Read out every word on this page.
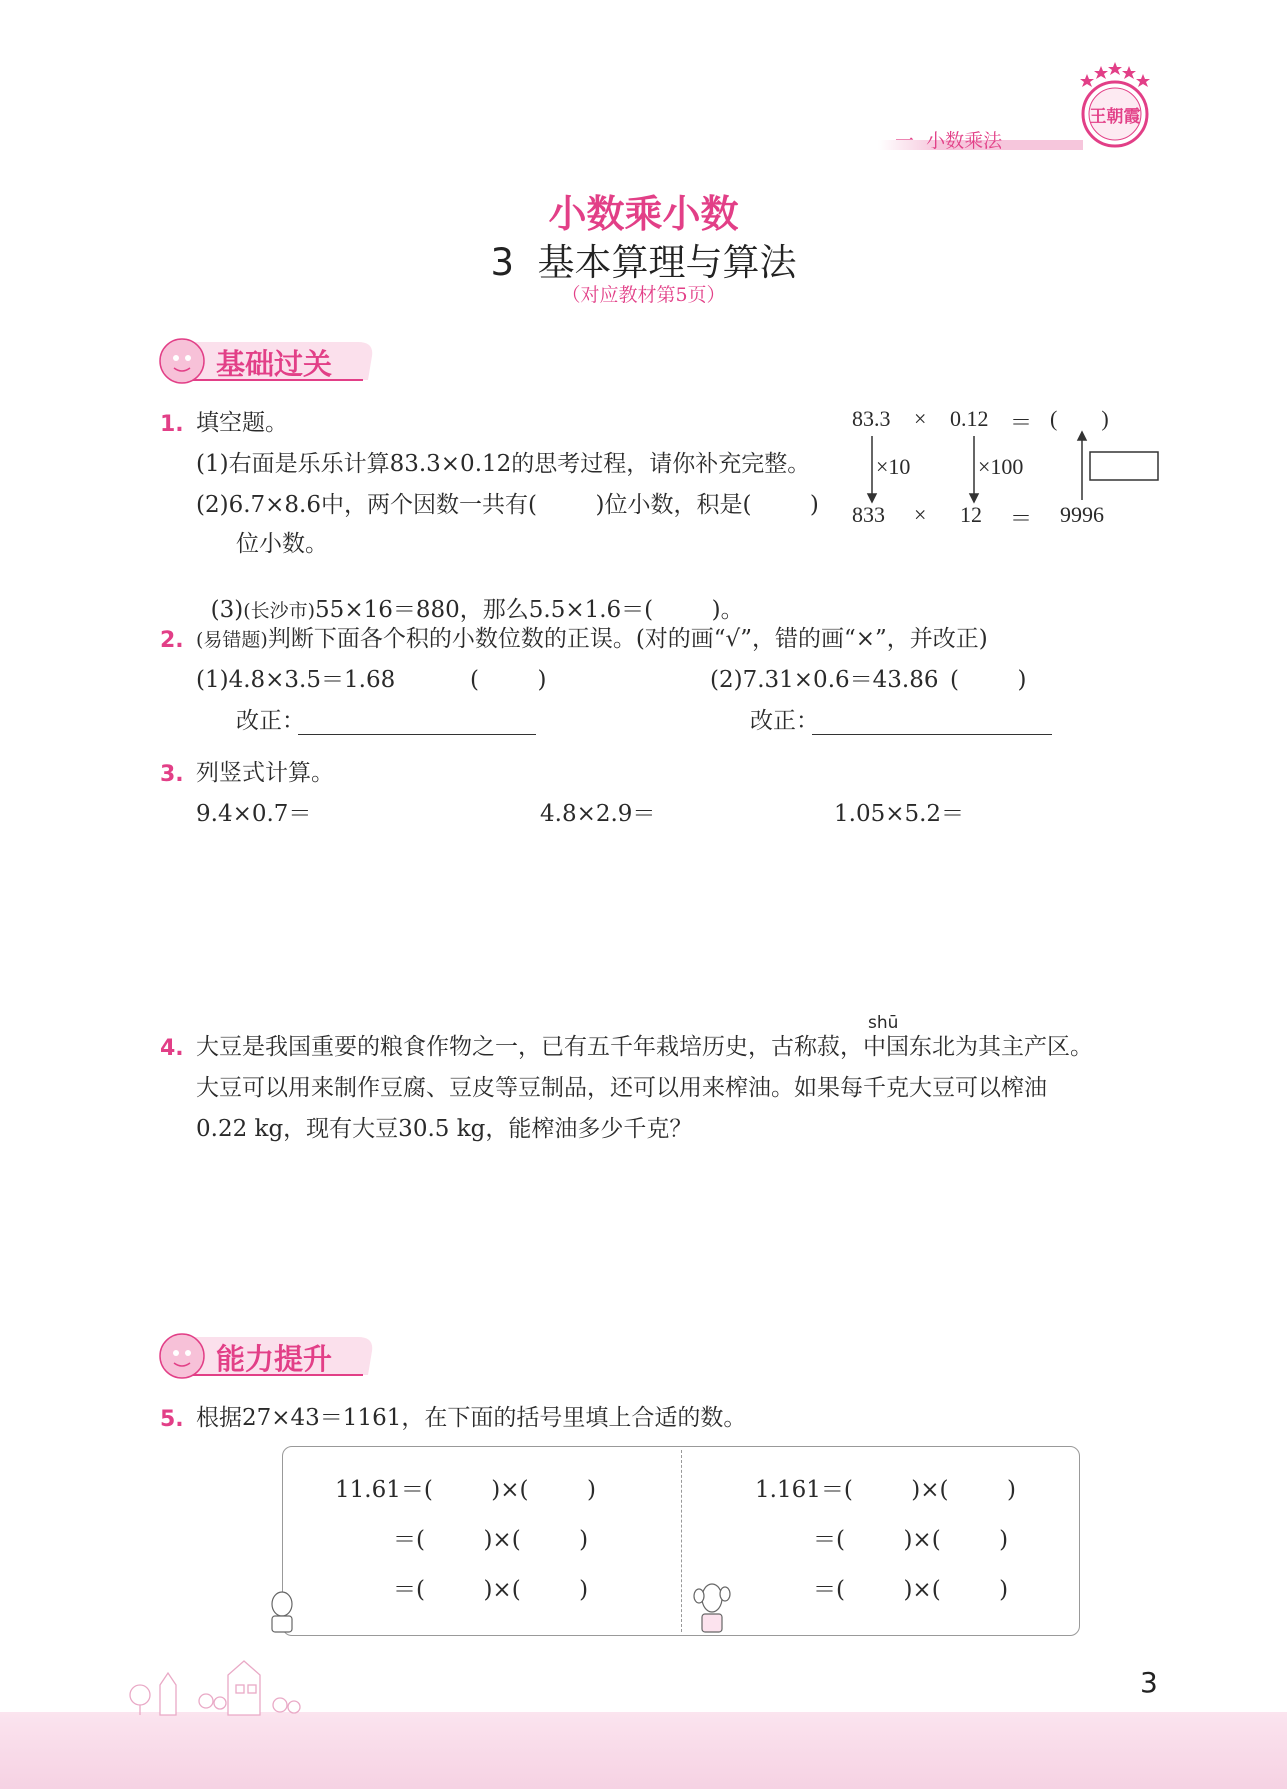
王朝霞
一  小数乘法
小数乘小数
3  基本算理与算法
（对应教材第5页）
基础过关
1. 填空题。
(1)右面是乐乐计算83.3×0.12的思考过程，请你补充完整。
(2)6.7×8.6中，两个因数一共有(        )位小数，积是(        )
位小数。

(3)(长沙市)55×16＝880，那么5.5×1.6＝(        )。

83.3 × 0.12 ＝ (        )
×10	×100
833 × 12 ＝ 9996
2. (易错题)判断下面各个积的小数位数的正误。(对的画“√”，错的画“×”，并改正)
(1)4.8×3.5＝1.68	(        )	(2)7.31×0.6＝43.86 (        )
改正：	改正：
3. 列竖式计算。
9.4×0.7＝	4.8×2.9＝	1.05×5.2＝
shū
4. 大豆是我国重要的粮食作物之一，已有五千年栽培历史，古称菽，中国东北为其主产区。
大豆可以用来制作豆腐、豆皮等豆制品，还可以用来榨油。如果每千克大豆可以榨油
0.22 kg，现有大豆30.5 kg，能榨油多少千克？
能力提升
5. 根据27×43＝1161，在下面的括号里填上合适的数。
11.61＝(        )×(        )
＝(        )×(        )
＝(        )×(        )
1.161＝(        )×(        )
＝(        )×(        )
＝(        )×(        )
3
